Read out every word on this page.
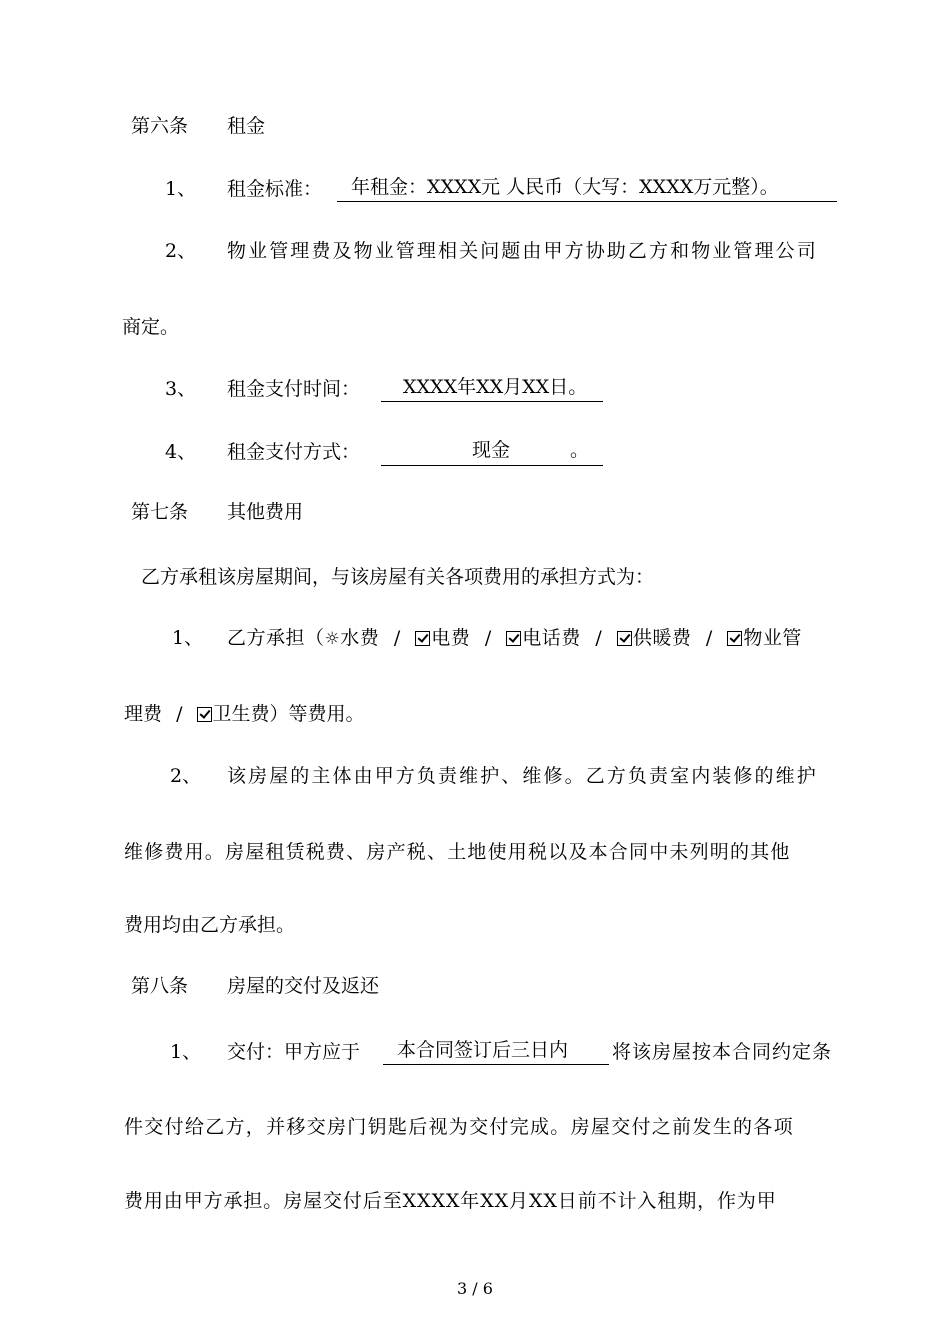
第六条 租金
1、 租金标准：	年租金：XXXX元 人民币（大写：XXXX万元整）。
2、 物业管理费及物业管理相关问题由甲方协助乙方和物业管理公司
商定。
3、 租金支付时间：	XXXX年XX月XX日。
4、 租金支付方式：	现金	。
第七条 其他费用
乙方承租该房屋期间，与该房屋有关各项费用的承担方式为：
1、 乙方承担（☼水费 / 电费 / 电话费 / 供暖费 / 物业管
理费 / 卫生费）等费用。
2、 该房屋的主体由甲方负责维护、维修。乙方负责室内装修的维护
维修费用。房屋租赁税费、房产税、土地使用税以及本合同中未列明的其他
费用均由乙方承担。
第八条 房屋的交付及返还
1、 交付：甲方应于	本合同签订后三日内	将该房屋按本合同约定条
件交付给乙方，并移交房门钥匙后视为交付完成。房屋交付之前发生的各项
费用由甲方承担。房屋交付后至XXXX年XX月XX日前不计入租期，作为甲
3 / 6
